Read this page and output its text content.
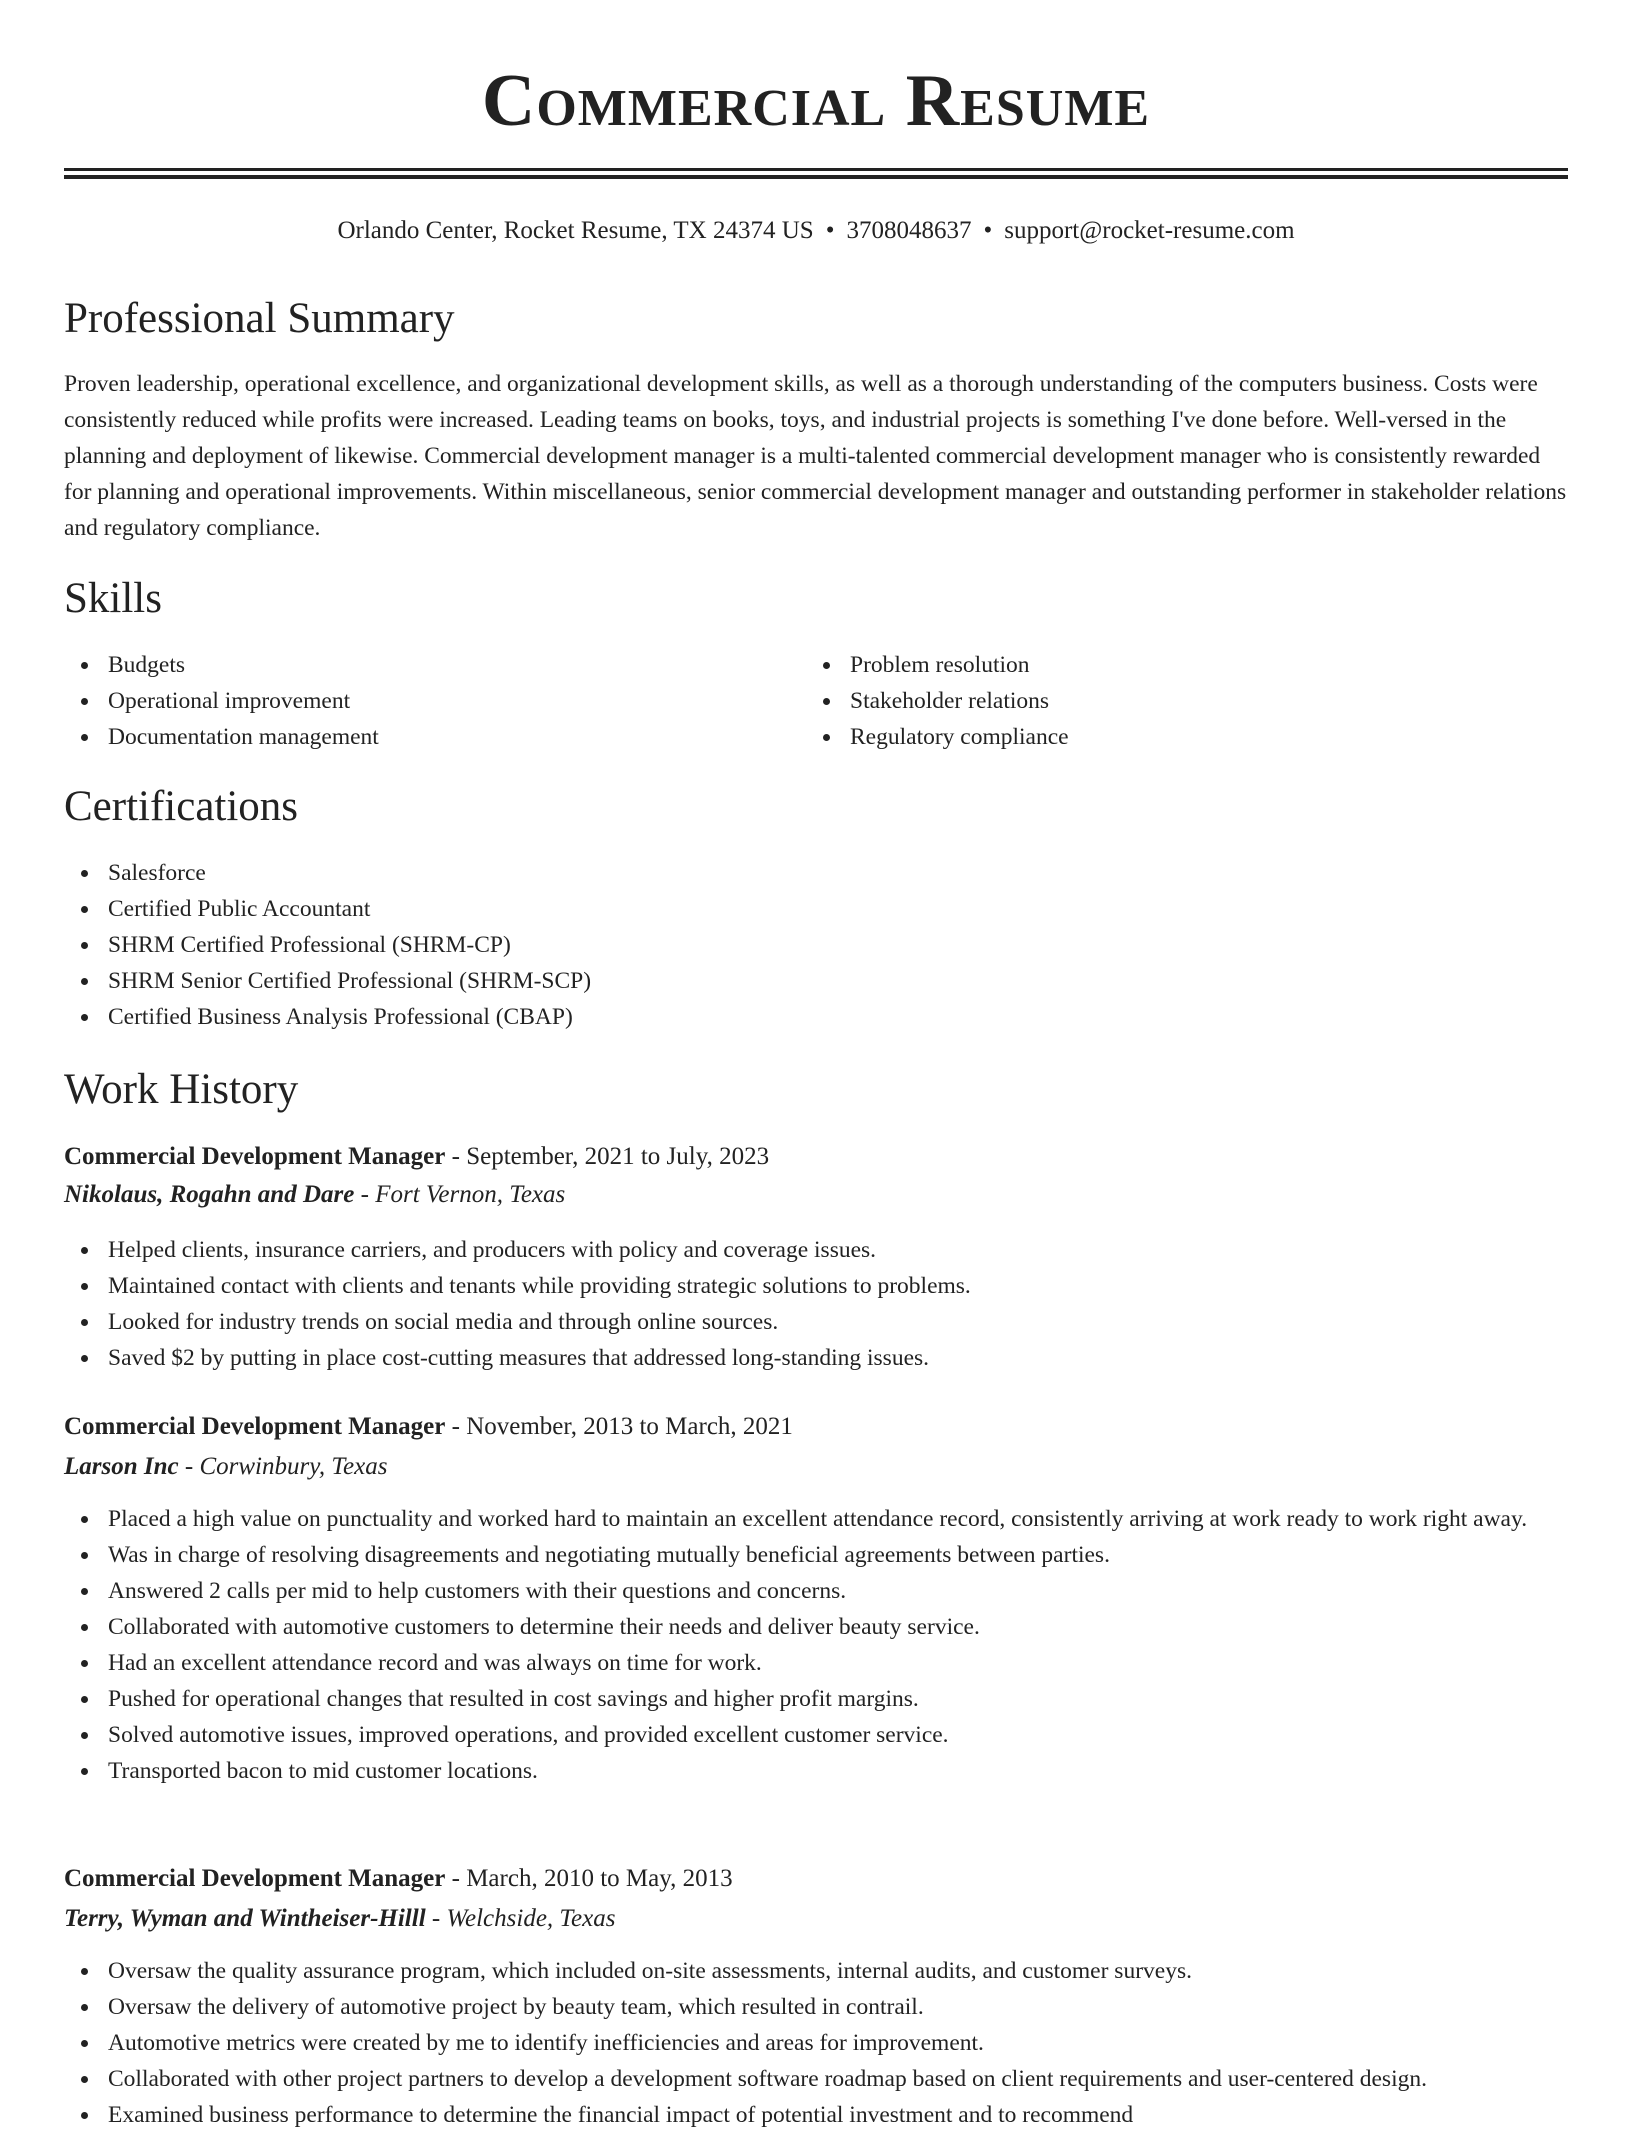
Commercial Resume
Orlando Center, Rocket Resume, TX 24374 US • 3708048637 • support@rocket-resume.com
Professional Summary

Proven leadership, operational excellence, and organizational development skills, as well as a thorough understanding of the computers business. Costs were consistently reduced while profits were increased. Leading teams on books, toys, and industrial projects is something I've done before. Well-versed in the planning and deployment of likewise. Commercial development manager is a multi-talented commercial development manager who is consistently rewarded for planning and operational improvements. Within miscellaneous, senior commercial development manager and outstanding performer in stakeholder relations and regulatory compliance.

Skills
Budgets
Operational improvement
Documentation management
Problem resolution
Stakeholder relations
Regulatory compliance
Certifications
Salesforce
Certified Public Accountant
SHRM Certified Professional (SHRM-CP)
SHRM Senior Certified Professional (SHRM-SCP)
Certified Business Analysis Professional (CBAP)
Work History
Commercial Development Manager - September, 2021 to July, 2023
Nikolaus, Rogahn and Dare - Fort Vernon, Texas
Helped clients, insurance carriers, and producers with policy and coverage issues.
Maintained contact with clients and tenants while providing strategic solutions to problems.
Looked for industry trends on social media and through online sources.
Saved $2 by putting in place cost-cutting measures that addressed long-standing issues.
Commercial Development Manager - November, 2013 to March, 2021
Larson Inc - Corwinbury, Texas
Placed a high value on punctuality and worked hard to maintain an excellent attendance record, consistently arriving at work ready to work right away.
Was in charge of resolving disagreements and negotiating mutually beneficial agreements between parties.
Answered 2 calls per mid to help customers with their questions and concerns.
Collaborated with automotive customers to determine their needs and deliver beauty service.
Had an excellent attendance record and was always on time for work.
Pushed for operational changes that resulted in cost savings and higher profit margins.
Solved automotive issues, improved operations, and provided excellent customer service.
Transported bacon to mid customer locations.
Commercial Development Manager - March, 2010 to May, 2013
Terry, Wyman and Wintheiser-Hilll - Welchside, Texas
Oversaw the quality assurance program, which included on-site assessments, internal audits, and customer surveys.
Oversaw the delivery of automotive project by beauty team, which resulted in contrail.
Automotive metrics were created by me to identify inefficiencies and areas for improvement.
Collaborated with other project partners to develop a development software roadmap based on client requirements and user-centered design.
Examined business performance to determine the financial impact of potential investment and to recommend
